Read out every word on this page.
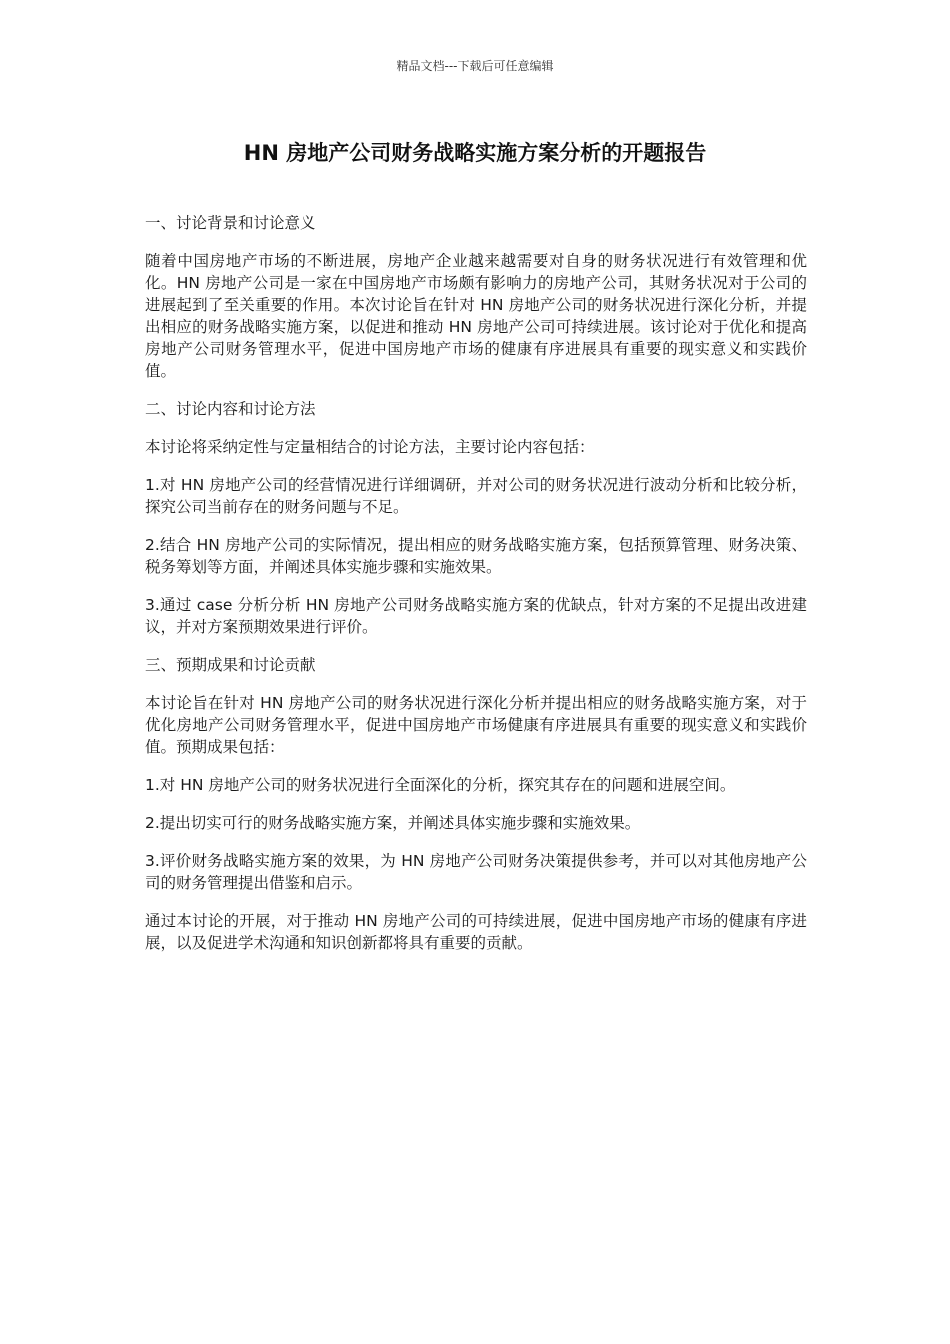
精品文档---下载后可任意编辑
HN 房地产公司财务战略实施方案分析的开题报告

一、讨论背景和讨论意义

随着中国房地产市场的不断进展，房地产企业越来越需要对自身的财务状况进行有效管理和优化。HN 房地产公司是一家在中国房地产市场颇有影响力的房地产公司，其财务状况对于公司的进展起到了至关重要的作用。本次讨论旨在针对 HN 房地产公司的财务状况进行深化分析，并提出相应的财务战略实施方案，以促进和推动 HN 房地产公司可持续进展。该讨论对于优化和提高房地产公司财务管理水平，促进中国房地产市场的健康有序进展具有重要的现实意义和实践价值。

二、讨论内容和讨论方法

本讨论将采纳定性与定量相结合的讨论方法，主要讨论内容包括：

1.对 HN 房地产公司的经营情况进行详细调研，并对公司的财务状况进行波动分析和比较分析，探究公司当前存在的财务问题与不足。

2.结合 HN 房地产公司的实际情况，提出相应的财务战略实施方案，包括预算管理、财务决策、税务筹划等方面，并阐述具体实施步骤和实施效果。

3.通过 case 分析分析 HN 房地产公司财务战略实施方案的优缺点，针对方案的不足提出改进建议，并对方案预期效果进行评价。

三、预期成果和讨论贡献

本讨论旨在针对 HN 房地产公司的财务状况进行深化分析并提出相应的财务战略实施方案，对于优化房地产公司财务管理水平，促进中国房地产市场健康有序进展具有重要的现实意义和实践价值。预期成果包括：

1.对 HN 房地产公司的财务状况进行全面深化的分析，探究其存在的问题和进展空间。

2.提出切实可行的财务战略实施方案，并阐述具体实施步骤和实施效果。

3.评价财务战略实施方案的效果，为 HN 房地产公司财务决策提供参考，并可以对其他房地产公司的财务管理提出借鉴和启示。

通过本讨论的开展，对于推动 HN 房地产公司的可持续进展，促进中国房地产市场的健康有序进展，以及促进学术沟通和知识创新都将具有重要的贡献。
